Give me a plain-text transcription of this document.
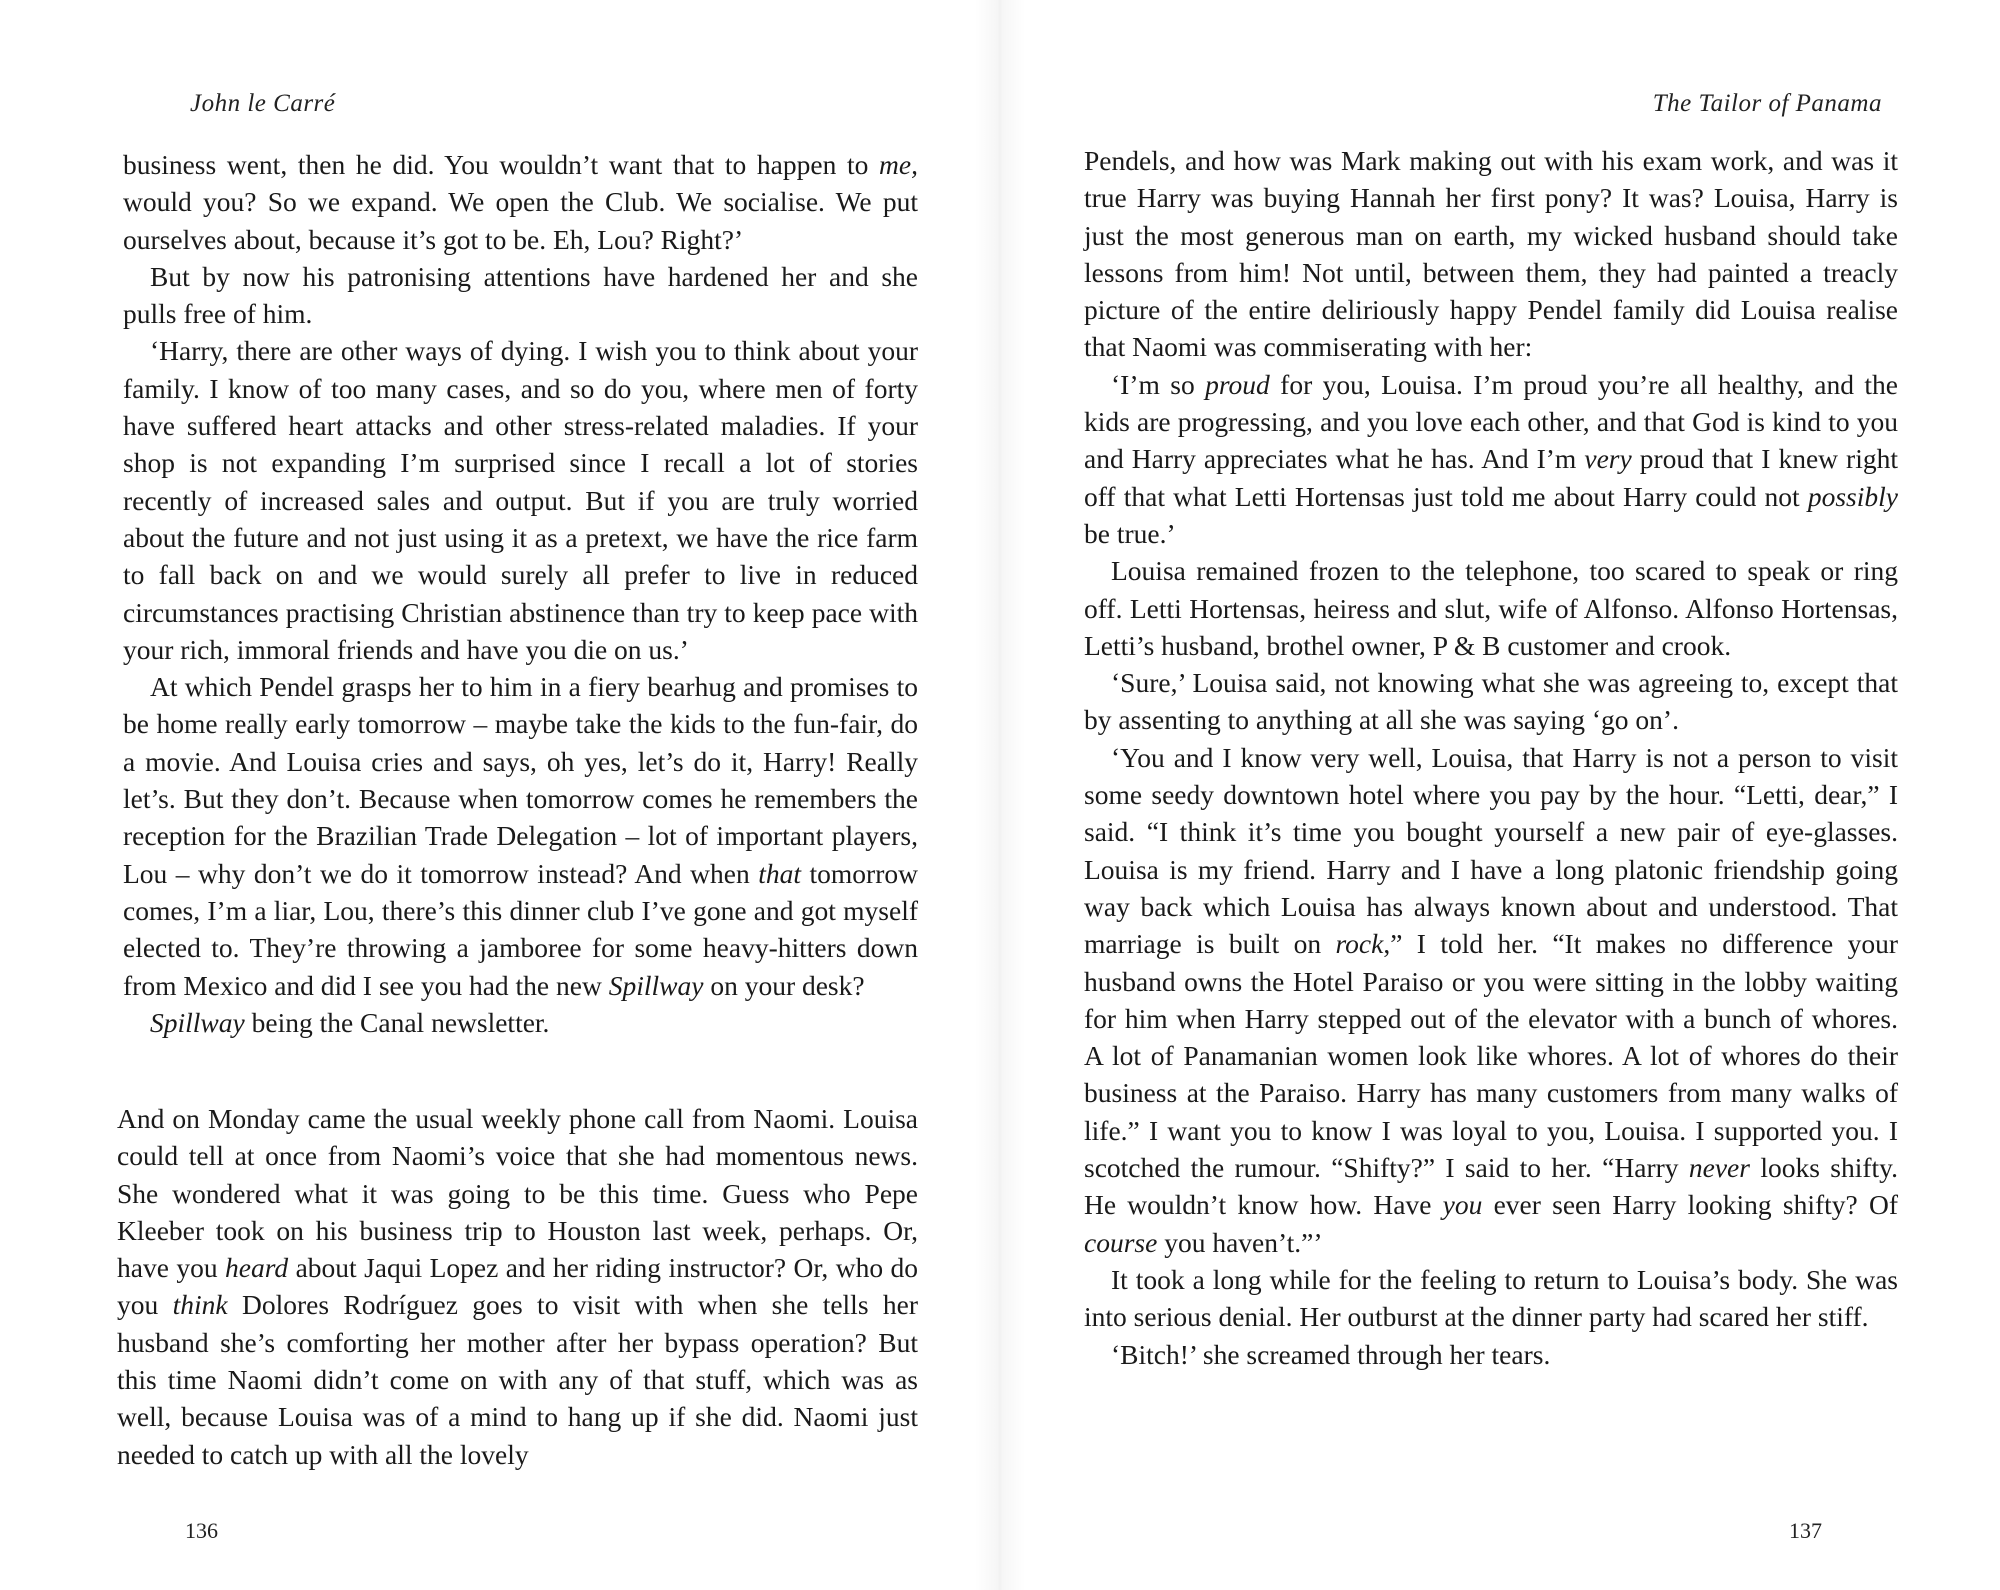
John le Carré

business went, then he did. You wouldn’t want that to happen to me, would you? So we expand. We open the Club. We socialise. We put ourselves about, because it’s got to be. Eh, Lou? Right?’

But by now his patronising attentions have hardened her and she pulls free of him.

‘Harry, there are other ways of dying. I wish you to think about your family. I know of too many cases, and so do you, where men of forty have suffered heart attacks and other stress-related maladies. If your shop is not expanding I’m surprised since I recall a lot of stories recently of increased sales and output. But if you are truly worried about the future and not just using it as a pretext, we have the rice farm to fall back on and we would surely all prefer to live in reduced circumstances practising Christian abstinence than try to keep pace with your rich, immoral friends and have you die on us.’

At which Pendel grasps her to him in a fiery bearhug and promises to be home really early tomorrow – maybe take the kids to the fun-fair, do a movie. And Louisa cries and says, oh yes, let’s do it, Harry! Really let’s. But they don’t. Because when tomorrow comes he remembers the reception for the Brazilian Trade Delegation – lot of important players, Lou – why don’t we do it tomorrow instead? And when that tomorrow comes, I’m a liar, Lou, there’s this dinner club I’ve gone and got myself elected to. They’re throwing a jamboree for some heavy-hitters down from Mexico and did I see you had the new Spillway on your desk?

Spillway being the Canal newsletter.

And on Monday came the usual weekly phone call from Naomi. Louisa could tell at once from Naomi’s voice that she had momentous news. She wondered what it was going to be this time. Guess who Pepe Kleeber took on his business trip to Houston last week, perhaps. Or, have you heard about Jaqui Lopez and her riding instructor? Or, who do you think Dolores Rodríguez goes to visit with when she tells her husband she’s comforting her mother after her bypass operation? But this time Naomi didn’t come on with any of that stuff, which was as well, because Louisa was of a mind to hang up if she did. Naomi just needed to catch up with all the lovely

136
The Tailor of Panama

Pendels, and how was Mark making out with his exam work, and was it true Harry was buying Hannah her first pony? It was? Louisa, Harry is just the most generous man on earth, my wicked husband should take lessons from him! Not until, between them, they had painted a treacly picture of the entire deliriously happy Pendel family did Louisa realise that Naomi was commiserating with her:

‘I’m so proud for you, Louisa. I’m proud you’re all healthy, and the kids are progressing, and you love each other, and that God is kind to you and Harry appreciates what he has. And I’m very proud that I knew right off that what Letti Hortensas just told me about Harry could not possibly be true.’

Louisa remained frozen to the telephone, too scared to speak or ring off. Letti Hortensas, heiress and slut, wife of Alfonso. Alfonso Hortensas, Letti’s husband, brothel owner, P & B customer and crook.

‘Sure,’ Louisa said, not knowing what she was agreeing to, except that by assenting to anything at all she was saying ‘go on’.

‘You and I know very well, Louisa, that Harry is not a person to visit some seedy downtown hotel where you pay by the hour. “Letti, dear,” I said. “I think it’s time you bought yourself a new pair of eye-glasses. Louisa is my friend. Harry and I have a long platonic friendship going way back which Louisa has always known about and understood. That marriage is built on rock,” I told her. “It makes no difference your husband owns the Hotel Paraiso or you were sitting in the lobby waiting for him when Harry stepped out of the elevator with a bunch of whores. A lot of Panamanian women look like whores. A lot of whores do their business at the Paraiso. Harry has many customers from many walks of life.” I want you to know I was loyal to you, Louisa. I supported you. I scotched the rumour. “Shifty?” I said to her. “Harry never looks shifty. He wouldn’t know how. Have you ever seen Harry looking shifty? Of course you haven’t.”’

It took a long while for the feeling to return to Louisa’s body. She was into serious denial. Her outburst at the dinner party had scared her stiff.

‘Bitch!’ she screamed through her tears.

137
